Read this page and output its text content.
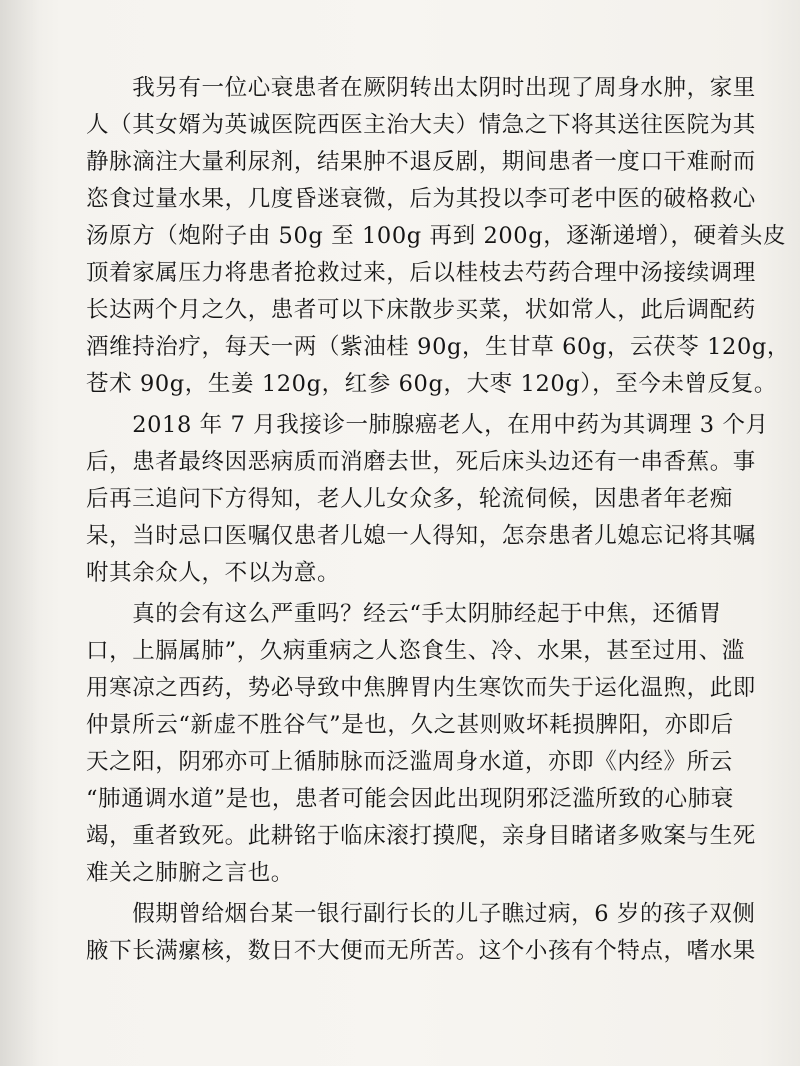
　　我另有一位心衰患者在厥阴转出太阴时出现了周身水肿，家里
人（其女婿为英诚医院西医主治大夫）情急之下将其送往医院为其
静脉滴注大量利尿剂，结果肿不退反剧，期间患者一度口干难耐而
恣食过量水果，几度昏迷衰微，后为其投以李可老中医的破格救心
汤原方（炮附子由 50g 至 100g 再到 200g，逐渐递增），硬着头皮
顶着家属压力将患者抢救过来，后以桂枝去芍药合理中汤接续调理
长达两个月之久，患者可以下床散步买菜，状如常人，此后调配药
酒维持治疗，每天一两（紫油桂 90g，生甘草 60g，云茯苓 120g，
苍术 90g，生姜 120g，红参 60g，大枣 120g），至今未曾反复。
　　2018 年 7 月我接诊一肺腺癌老人，在用中药为其调理 3 个月
后，患者最终因恶病质而消磨去世，死后床头边还有一串香蕉。事
后再三追问下方得知，老人儿女众多，轮流伺候，因患者年老痴
呆，当时忌口医嘱仅患者儿媳一人得知，怎奈患者儿媳忘记将其嘱
咐其余众人，不以为意。
　　真的会有这么严重吗？经云“手太阴肺经起于中焦，还循胃
口，上膈属肺”，久病重病之人恣食生、冷、水果，甚至过用、滥
用寒凉之西药，势必导致中焦脾胃内生寒饮而失于运化温煦，此即
仲景所云“新虚不胜谷气”是也，久之甚则败坏耗损脾阳，亦即后
天之阳，阴邪亦可上循肺脉而泛滥周身水道，亦即《内经》所云
“肺通调水道”是也，患者可能会因此出现阴邪泛滥所致的心肺衰
竭，重者致死。此耕铭于临床滚打摸爬，亲身目睹诸多败案与生死
难关之肺腑之言也。
　　假期曾给烟台某一银行副行长的儿子瞧过病，6 岁的孩子双侧
腋下长满瘰核，数日不大便而无所苦。这个小孩有个特点，嗜水果
